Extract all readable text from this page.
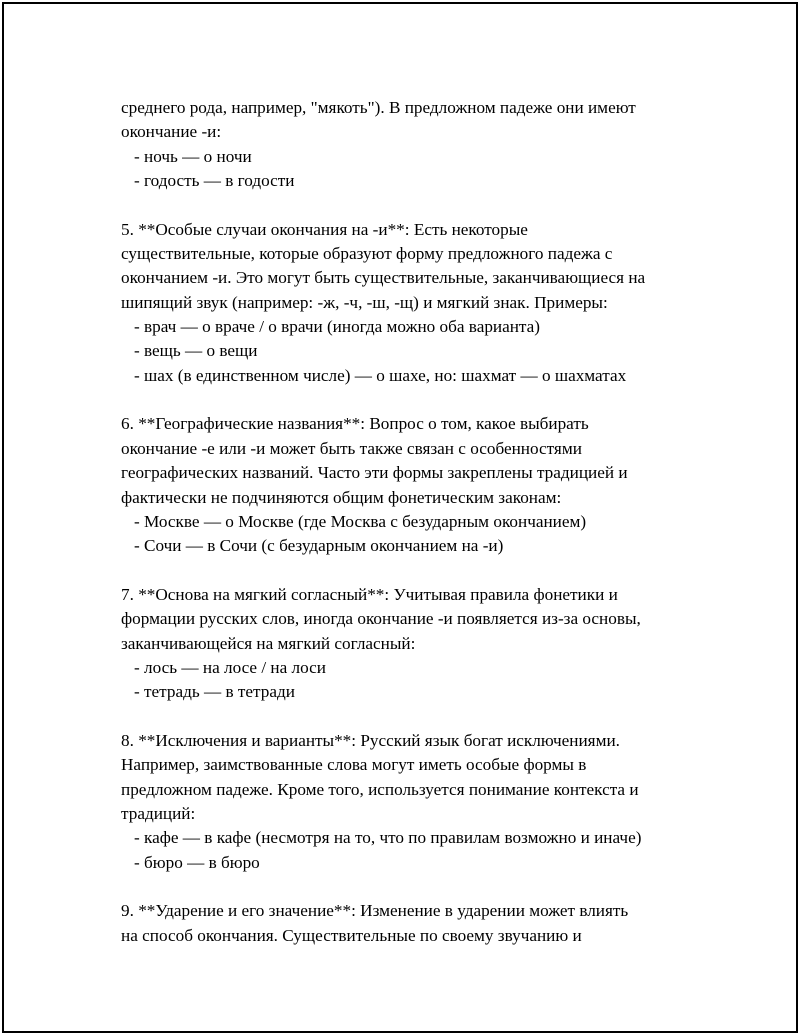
среднего рода, например, "мякоть"). В предложном падеже они имеют
окончание -и:
- ночь — о ночи
- годость — в годости
5. **Особые случаи окончания на -и**: Есть некоторые
существительные, которые образуют форму предложного падежа с
окончанием -и. Это могут быть существительные, заканчивающиеся на
шипящий звук (например: -ж, -ч, -ш, -щ) и мягкий знак. Примеры:
- врач — о враче / о врачи (иногда можно оба варианта)
- вещь — о вещи
- шах (в единственном числе) — о шахе, но: шахмат — о шахматах
6. **Географические названия**: Вопрос о том, какое выбирать
окончание -е или -и может быть также связан с особенностями
географических названий. Часто эти формы закреплены традицией и
фактически не подчиняются общим фонетическим законам:
- Москве — о Москве (где Москва с безударным окончанием)
- Сочи — в Сочи (с безударным окончанием на -и)
7. **Основа на мягкий согласный**: Учитывая правила фонетики и
формации русских слов, иногда окончание -и появляется из-за основы,
заканчивающейся на мягкий согласный:
- лось — на лосе / на лоси
- тетрадь — в тетради
8. **Исключения и варианты**: Русский язык богат исключениями.
Например, заимствованные слова могут иметь особые формы в
предложном падеже. Кроме того, используется понимание контекста и
традиций:
- кафе — в кафе (несмотря на то, что по правилам возможно и иначе)
- бюро — в бюро
9. **Ударение и его значение**: Изменение в ударении может влиять
на способ окончания. Существительные по своему звучанию и
